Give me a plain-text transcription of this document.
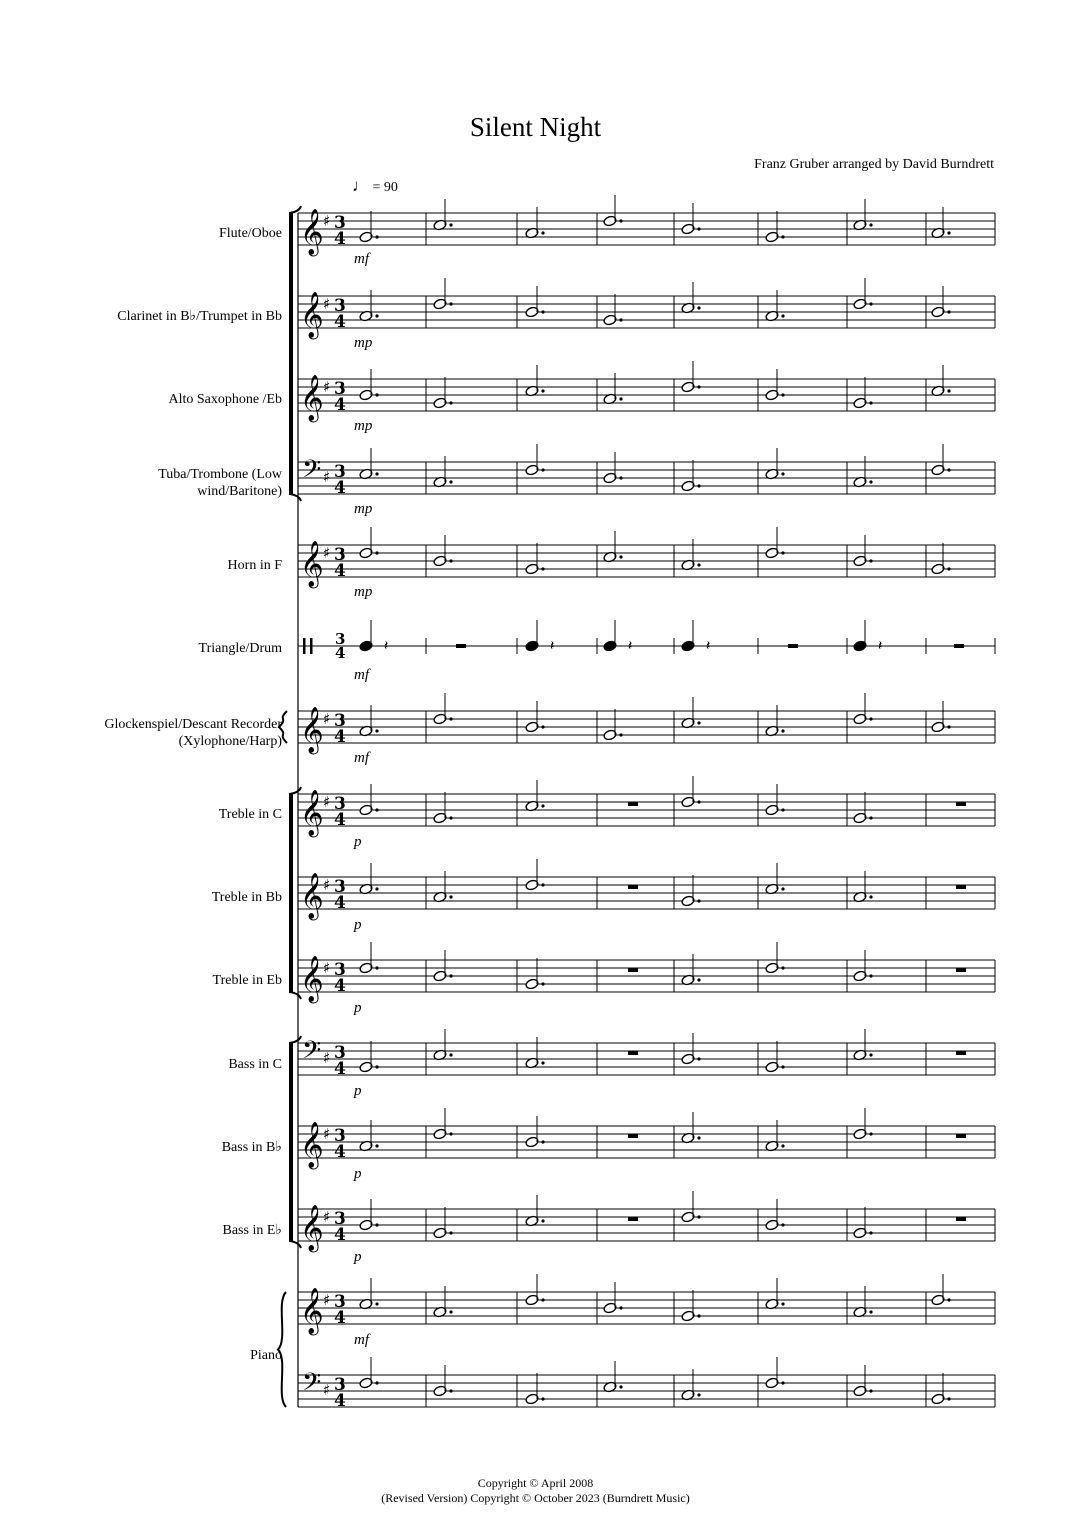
Silent Night
Franz Gruber arranged by David Burndrett
♩ = 90
Flute/Oboe
Clarinet in B♭/Trumpet in Bb
Alto Saxophone /Eb
Tuba/Trombone (Low wind/Baritone)
Horn in F
Triangle/Drum
Glockenspiel/Descant Recorder (Xylophone/Harp)
Treble in C
Treble in Bb
Treble in Eb
Bass in C
Bass in B♭
Bass in E♭
Piano
mf
mp
mp
mp
mp
mf
mf
p
p
p
p
p
p
mf
𝄞 ♯ 3
4
𝄞 ♯ 3
4
𝄞 ♯ 3
4
𝄢 ♯ 3
4
𝄞 ♯ 3
4
3
4
𝄞 ♯ 3
4
𝄞 ♯ 3
4
𝄞 ♯ 3
4
𝄞 ♯ 3
4
𝄢 ♯ 3
4
𝄞 ♯ 3
4
𝄞 ♯ 3
4
𝄞 ♯ 3
4
𝄢 ♯ 3
4
𝄽	𝄽	𝄽	𝄽	𝄽
Copyright © April 2008
(Revised Version) Copyright © October 2023 (Burndrett Music)
